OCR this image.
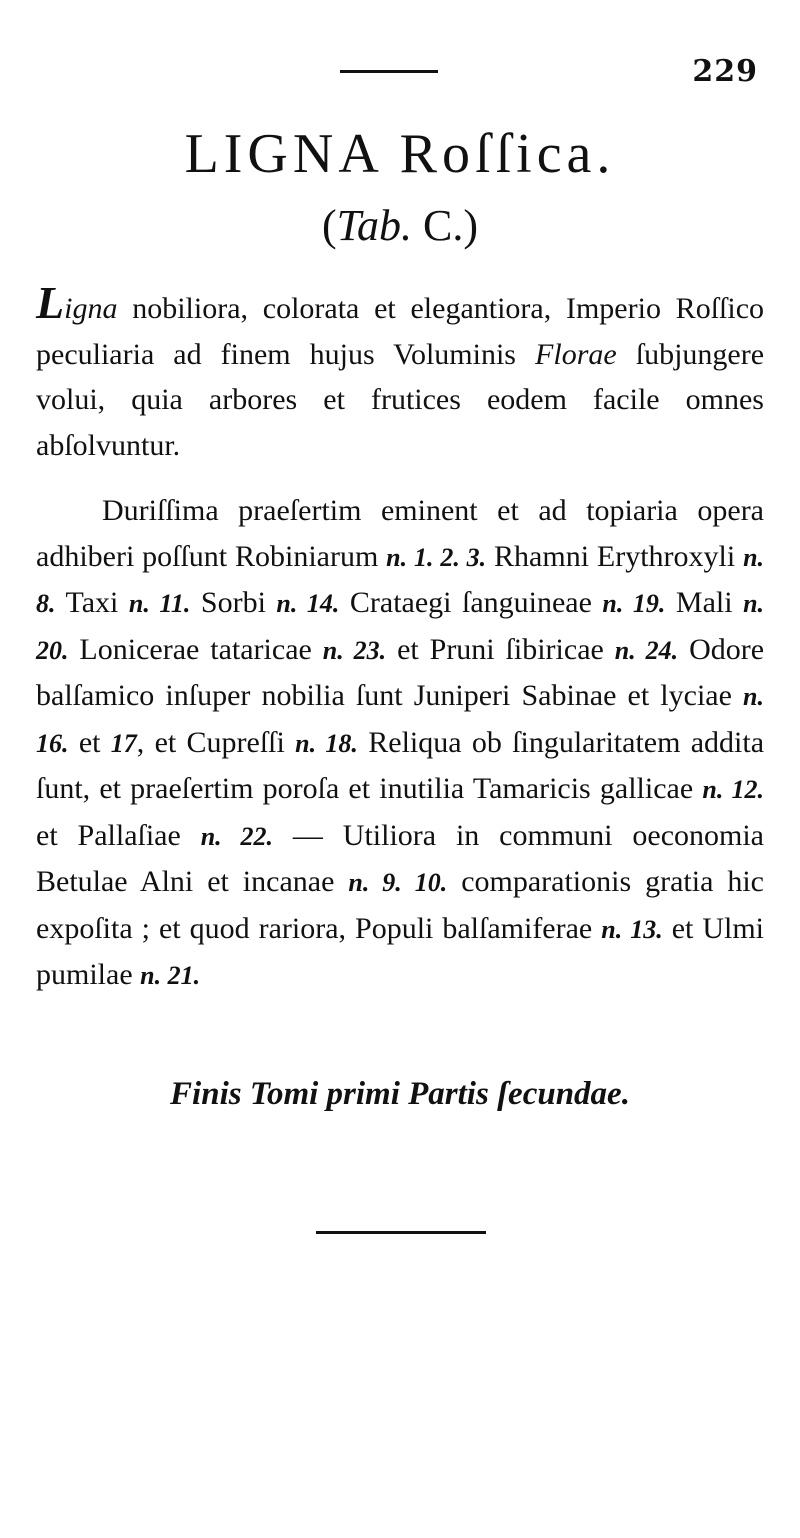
229
LIGNA Roſſica.
(Tab. C.)

Ligna nobiliora, colorata et elegantiora, Imperio Roſſico peculiaria ad finem hujus Voluminis Florae ſubjungere volui, quia arbores et frutices eodem facile omnes abſolvuntur.

Duriſſima praeſertim eminent et ad topiaria opera adhiberi poſſunt Robiniarum n. 1. 2. 3. Rhamni Erythroxyli n. 8. Taxi n. 11. Sorbi n. 14. Crataegi ſanguineae n. 19. Mali n. 20. Lonicerae tataricae n. 23. et Pruni ſibiricae n. 24. Odore balſamico inſuper nobilia ſunt Juniperi Sabinae et lyciae n. 16. et 17, et Cupreſſi n. 18. Reliqua ob ſingularitatem addita ſunt, et praeſertim poroſa et inutilia Tamaricis gallicae n. 12. et Pallaſiae n. 22. — Utiliora in communi oeconomia Betulae Alni et incanae n. 9. 10. comparationis gratia hic expoſita ; et quod rariora, Populi balſamiferae n. 13. et Ulmi pumilae n. 21.

Finis Tomi primi Partis ſecundae.
